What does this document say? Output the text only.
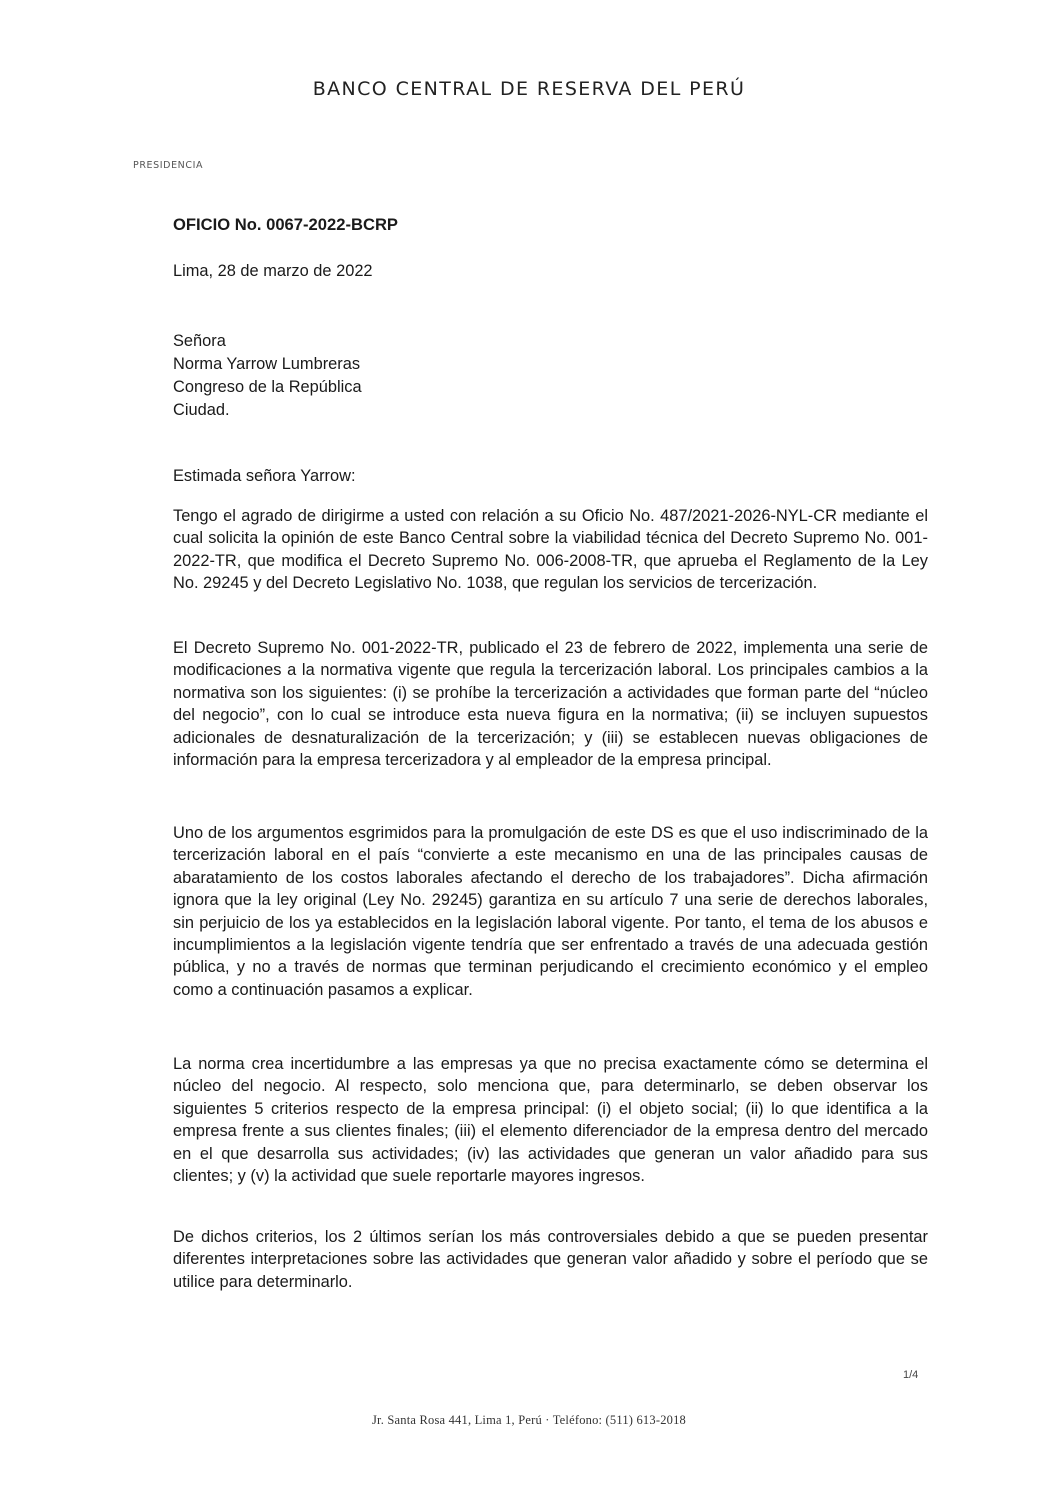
BANCO CENTRAL DE RESERVA DEL PERÚ
PRESIDENCIA
OFICIO No. 0067-2022-BCRP
Lima, 28 de marzo de 2022
Señora
Norma Yarrow Lumbreras
Congreso de la República
Ciudad.
Estimada señora Yarrow:

Tengo el agrado de dirigirme a usted con relación a su Oficio No. 487/2021-2026-NYL-CR mediante el cual solicita la opinión de este Banco Central sobre la viabilidad técnica del Decreto Supremo No. 001-2022-TR, que modifica el Decreto Supremo No. 006-2008-TR, que aprueba el Reglamento de la Ley No. 29245 y del Decreto Legislativo No. 1038, que regulan los servicios de tercerización.

El Decreto Supremo No. 001-2022-TR, publicado el 23 de febrero de 2022, implementa una serie de modificaciones a la normativa vigente que regula la tercerización laboral. Los principales cambios a la normativa son los siguientes: (i) se prohíbe la tercerización a actividades que forman parte del “núcleo del negocio”, con lo cual se introduce esta nueva figura en la normativa; (ii) se incluyen supuestos adicionales de desnaturalización de la tercerización; y (iii) se establecen nuevas obligaciones de información para la empresa tercerizadora y al empleador de la empresa principal.

Uno de los argumentos esgrimidos para la promulgación de este DS es que el uso indiscriminado de la tercerización laboral en el país “convierte a este mecanismo en una de las principales causas de abaratamiento de los costos laborales afectando el derecho de los trabajadores”. Dicha afirmación ignora que la ley original (Ley No. 29245) garantiza en su artículo 7 una serie de derechos laborales, sin perjuicio de los ya establecidos en la legislación laboral vigente. Por tanto, el tema de los abusos e incumplimientos a la legislación vigente tendría que ser enfrentado a través de una adecuada gestión pública, y no a través de normas que terminan perjudicando el crecimiento económico y el empleo como a continuación pasamos a explicar.

La norma crea incertidumbre a las empresas ya que no precisa exactamente cómo se determina el núcleo del negocio. Al respecto, solo menciona que, para determinarlo, se deben observar los siguientes 5 criterios respecto de la empresa principal: (i) el objeto social; (ii) lo que identifica a la empresa frente a sus clientes finales; (iii) el elemento diferenciador de la empresa dentro del mercado en el que desarrolla sus actividades; (iv) las actividades que generan un valor añadido para sus clientes; y (v) la actividad que suele reportarle mayores ingresos.

De dichos criterios, los 2 últimos serían los más controversiales debido a que se pueden presentar diferentes interpretaciones sobre las actividades que generan valor añadido y sobre el período que se utilice para determinarlo.

1/4
Jr. Santa Rosa 441, Lima 1, Perú · Teléfono: (511) 613-2018
